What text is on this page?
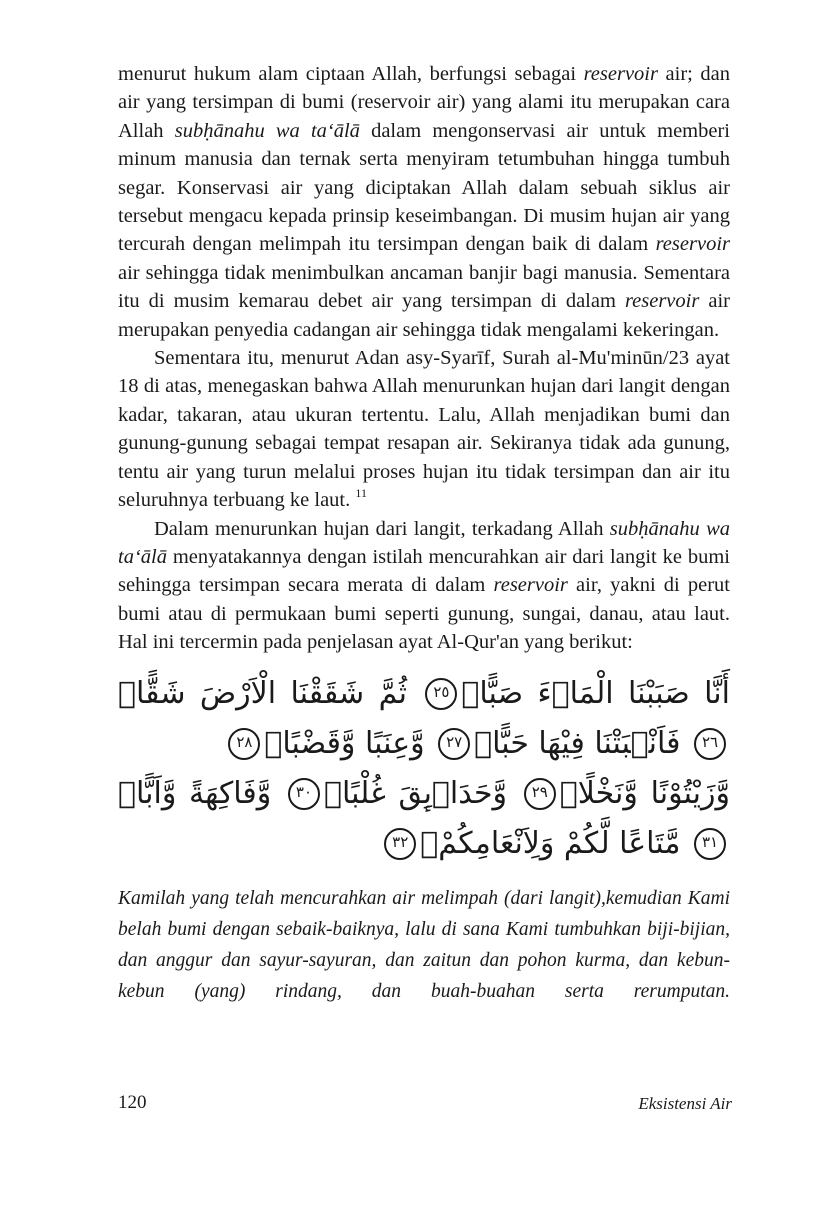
menurut hukum alam ciptaan Allah, berfungsi sebagai reservoir air; dan air yang tersimpan di bumi (reservoir air) yang alami itu merupakan cara Allah subḥānahu wa ta‘ālā dalam mengonservasi air untuk memberi minum manusia dan ternak serta menyiram tetumbuhan hingga tumbuh segar. Konservasi air yang diciptakan Allah dalam sebuah siklus air tersebut mengacu kepada prinsip keseimbangan. Di musim hujan air yang tercurah dengan melimpah itu tersimpan dengan baik di dalam reservoir air sehingga tidak menimbulkan ancaman banjir bagi manusia. Sementara itu di musim kemarau debet air yang tersimpan di dalam reservoir air merupakan penyedia cadangan air sehingga tidak mengalami kekeringan.

Sementara itu, menurut Adan asy-Syarīf, Surah al-Mu'minūn/23 ayat 18 di atas, menegaskan bahwa Allah menurunkan hujan dari langit dengan kadar, takaran, atau ukuran tertentu. Lalu, Allah menjadikan bumi dan gunung-gunung sebagai tempat resapan air. Sekiranya tidak ada gunung, tentu air yang turun melalui proses hujan itu tidak tersimpan dan air itu seluruhnya terbuang ke laut. $^{11}$

Dalam menurunkan hujan dari langit, terkadang Allah subḥānahu wa ta‘ālā menyatakannya dengan istilah mencurahkan air dari langit ke bumi sehingga tersimpan secara merata di dalam reservoir air, yakni di perut bumi atau di permukaan bumi seperti gunung, sungai, danau, atau laut. Hal ini tercermin pada penjelasan ayat Al-Qur'an yang berikut:

أَنَّا صَبَبْنَا الْمَاۤءَ صَبًّاۙ٢٥ ثُمَّ شَقَقْنَا الْاَرْضَ شَقًّاۙ٢٦ فَاَنْۢبَتْنَا فِيْهَا حَبًّاۙ٢٧ وَّعِنَبًا وَّقَضْبًاۙ٢٨
وَّزَيْتُوْنًا وَّنَخْلًاۙ٢٩ وَّحَدَاۤىِٕقَ غُلْبًاۙ٣٠ وَّفَاكِهَةً وَّاَبًّاۙ٣١ مَّتَاعًا لَّكُمْ وَلِاَنْعَامِكُمْۗ٣٢

Kamilah yang telah mencurahkan air melimpah (dari langit),kemudian Kami belah bumi dengan sebaik-baiknya, lalu di sana Kami tumbuhkan biji-bijian, dan anggur dan sayur-sayuran, dan zaitun dan pohon kurma, dan kebun-kebun (yang) rindang, dan buah-buahan serta rerumputan.

120	Eksistensi Air
